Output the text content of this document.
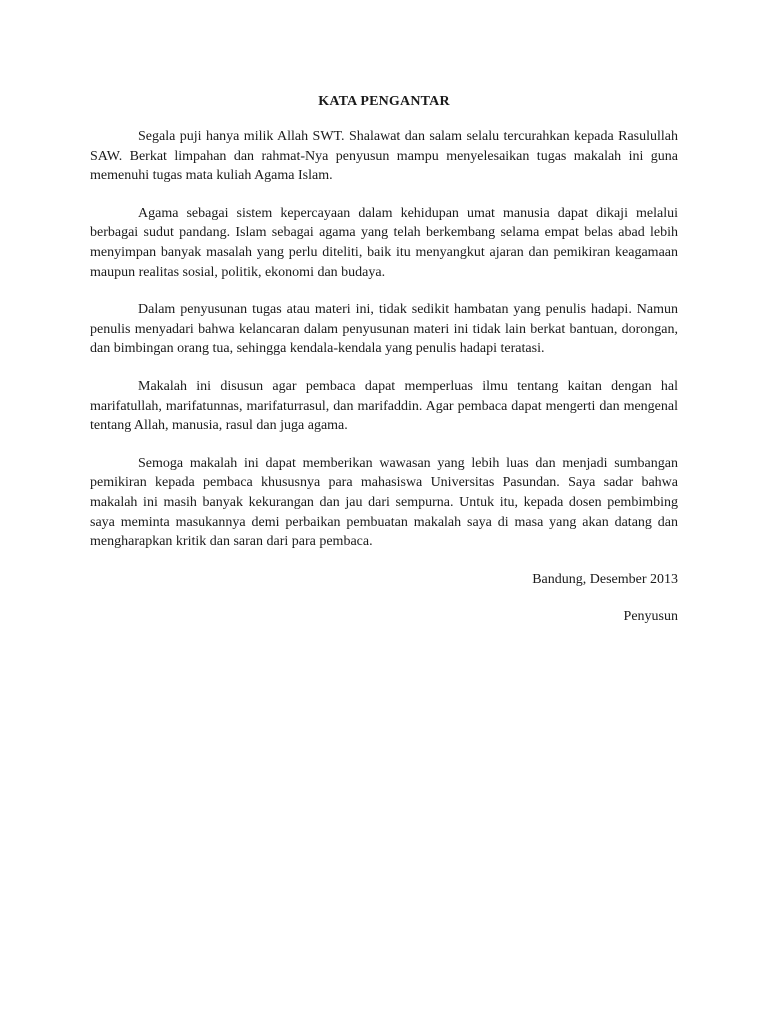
KATA PENGANTAR

Segala puji hanya milik Allah SWT. Shalawat dan salam selalu tercurahkan kepada Rasulullah SAW. Berkat limpahan dan rahmat-Nya penyusun mampu menyelesaikan tugas makalah ini guna memenuhi tugas mata kuliah Agama Islam.

Agama sebagai sistem kepercayaan dalam kehidupan umat manusia dapat dikaji melalui berbagai sudut pandang. Islam sebagai agama yang telah berkembang selama empat belas abad lebih menyimpan banyak masalah yang perlu diteliti, baik itu menyangkut ajaran dan pemikiran keagamaan maupun realitas sosial, politik, ekonomi dan budaya.

Dalam penyusunan tugas atau materi ini, tidak sedikit hambatan yang penulis hadapi. Namun penulis menyadari bahwa kelancaran dalam penyusunan materi ini tidak lain berkat bantuan, dorongan, dan bimbingan orang tua, sehingga kendala-kendala yang penulis hadapi teratasi.

Makalah ini disusun agar pembaca dapat memperluas ilmu tentang kaitan dengan hal marifatullah, marifatunnas, marifaturrasul, dan marifaddin. Agar pembaca dapat mengerti dan mengenal tentang Allah, manusia, rasul dan juga agama.

Semoga makalah ini dapat memberikan wawasan yang lebih luas dan menjadi sumbangan pemikiran kepada pembaca khususnya para mahasiswa Universitas Pasundan. Saya sadar bahwa makalah ini masih banyak kekurangan dan jau dari sempurna. Untuk itu, kepada dosen pembimbing saya meminta masukannya demi perbaikan pembuatan makalah saya di masa yang akan datang dan mengharapkan kritik dan saran dari para pembaca.

Bandung, Desember 2013

Penyusun
